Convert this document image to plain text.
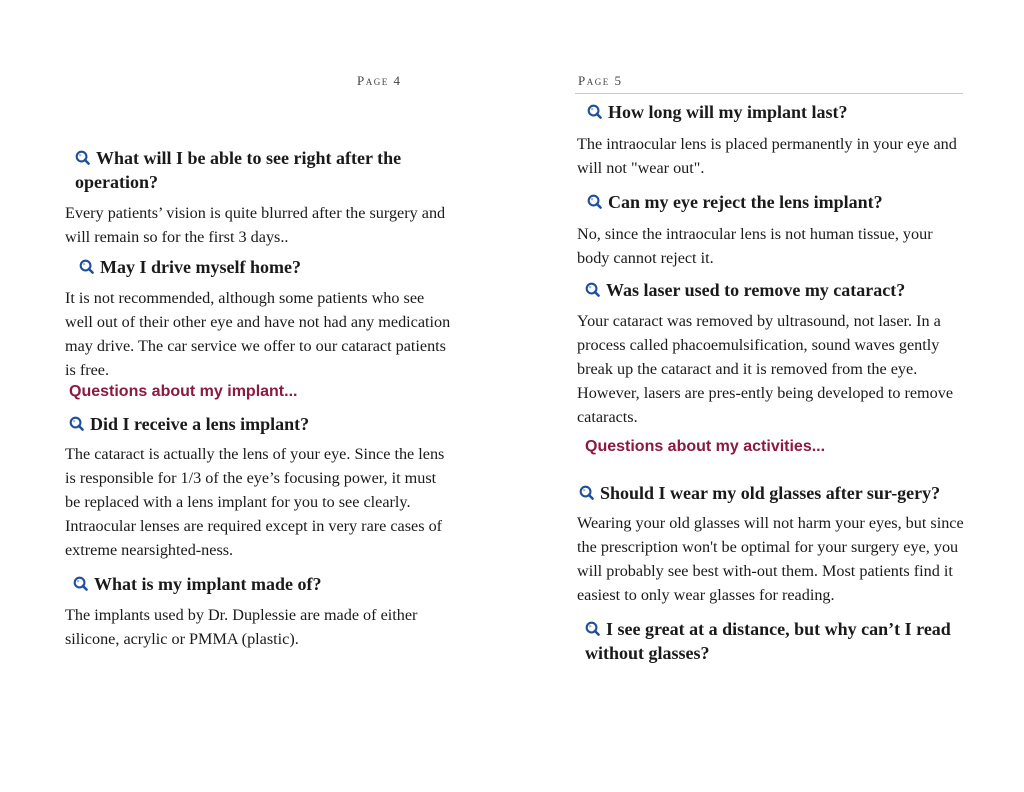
Page 4	Page 5

What will I be able to see right after the operation?

Every patients’ vision is quite blurred after the surgery and will remain so for the first 3 days..

May I drive myself home?

It is not recommended, although some patients who see well out of their other eye and have not had any medication may drive. The car service we offer to our cataract patients is free.

Questions about my implant...

Did I receive a lens implant?

The cataract is actually the lens of your eye. Since the lens is responsible for 1/3 of the eye’s focusing power, it must be replaced with a lens implant for you to see clearly. Intraocular lenses are required except in very rare cases of extreme nearsighted-ness.

What is my implant made of?

The implants used by Dr. Duplessie are made of either silicone, acrylic or PMMA (plastic).

How long will my implant last?

The intraocular lens is placed permanently in your eye and will not "wear out".

Can my eye reject the lens implant?

No, since the intraocular lens is not human tissue, your body cannot reject it.

Was laser used to remove my cataract?

Your cataract was removed by ultrasound, not laser. In a process called phacoemulsification, sound waves gently break up the cataract and it is removed from the eye. However, lasers are pres-ently being developed to remove cataracts.

Questions about my activities...

Should I wear my old glasses after sur-gery?

Wearing your old glasses will not harm your eyes, but since the prescription won't be optimal for your surgery eye, you will probably see best with-out them. Most patients find it easiest to only wear glasses for reading.

I see great at a distance, but why can’t I read without glasses?
